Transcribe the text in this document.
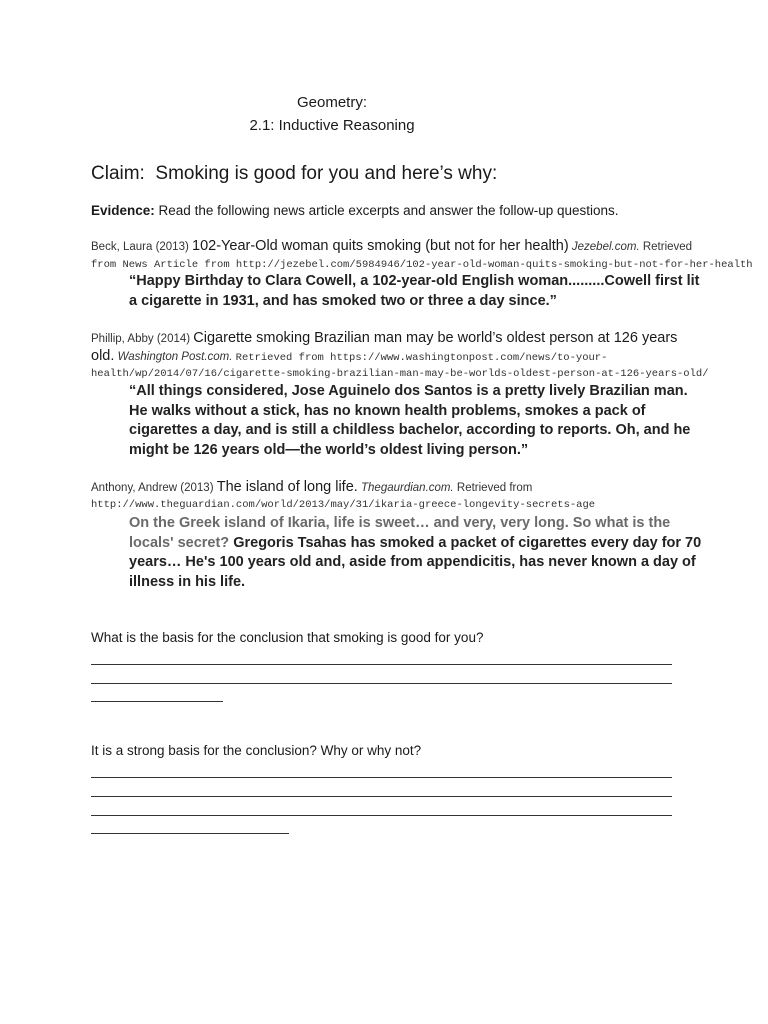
Geometry:
2.1: Inductive Reasoning
Claim: Smoking is good for you and here’s why:
Evidence: Read the following news article excerpts and answer the follow-up questions.
Beck, Laura (2013) 102-Year-Old woman quits smoking (but not for her health) Jezebel.com. Retrieved
from News Article from http://jezebel.com/5984946/102-year-old-woman-quits-smoking-but-not-for-her-health
“Happy Birthday to Clara Cowell, a 102-year-old English woman.........Cowell first lit
a cigarette in 1931, and has smoked two or three a day since.”
Phillip, Abby (2014) Cigarette smoking Brazilian man may be world’s oldest person at 126 years
old. Washington Post.com. Retrieved from https://www.washingtonpost.com/news/to-your-
health/wp/2014/07/16/cigarette-smoking-brazilian-man-may-be-worlds-oldest-person-at-126-years-old/
“All things considered, Jose Aguinelo dos Santos is a pretty lively Brazilian man.
He walks without a stick, has no known health problems, smokes a pack of
cigarettes a day, and is still a childless bachelor, according to reports. Oh, and he
might be 126 years old—the world’s oldest living person.”
Anthony, Andrew (2013) The island of long life. Thegaurdian.com. Retrieved from
http://www.theguardian.com/world/2013/may/31/ikaria-greece-longevity-secrets-age
On the Greek island of Ikaria, life is sweet… and very, very long. So what is the
locals' secret? Gregoris Tsahas has smoked a packet of cigarettes every day for 70
years… He's 100 years old and, aside from appendicitis, has never known a day of
illness in his life.
What is the basis for the conclusion that smoking is good for you?
It is a strong basis for the conclusion? Why or why not?
